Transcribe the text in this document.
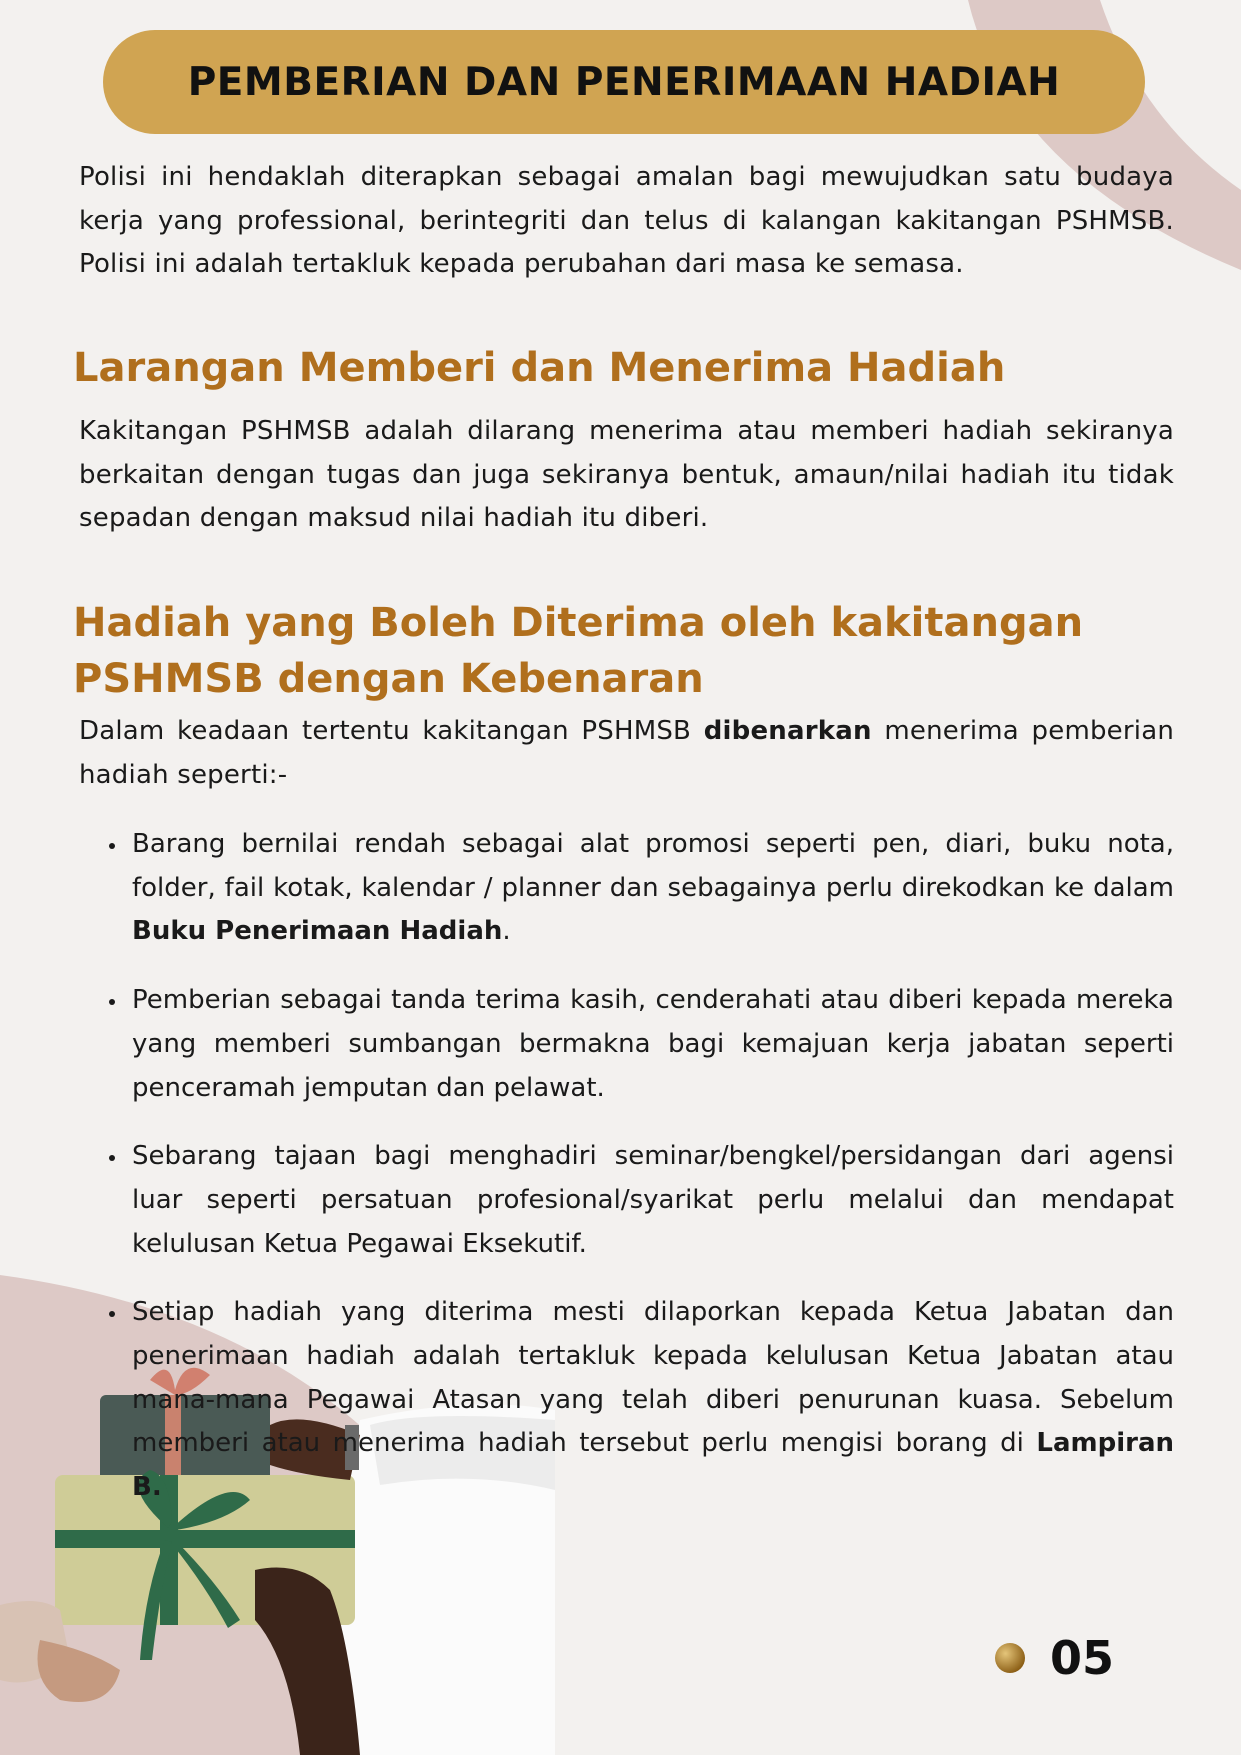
PEMBERIAN DAN PENERIMAAN HADIAH

Polisi ini hendaklah diterapkan sebagai amalan bagi mewujudkan satu budaya kerja yang professional, berintegriti dan telus di kalangan kakitangan PSHMSB. Polisi ini adalah tertakluk kepada perubahan dari masa ke semasa.

Larangan Memberi dan Menerima Hadiah

Kakitangan PSHMSB adalah dilarang menerima atau memberi hadiah sekiranya berkaitan dengan tugas dan juga sekiranya bentuk, amaun/nilai hadiah itu tidak sepadan dengan maksud nilai hadiah itu diberi.

Hadiah yang Boleh Diterima oleh kakitangan
PSHMSB dengan Kebenaran

Dalam keadaan tertentu kakitangan PSHMSB dibenarkan menerima pemberian hadiah seperti:-

Barang bernilai rendah sebagai alat promosi seperti pen, diari, buku nota, folder, fail kotak, kalendar / planner dan sebagainya perlu direkodkan ke dalam Buku Penerimaan Hadiah.
Pemberian sebagai tanda terima kasih, cenderahati atau diberi kepada mereka yang memberi sumbangan bermakna bagi kemajuan kerja jabatan seperti penceramah jemputan dan pelawat.
Sebarang tajaan bagi menghadiri seminar/bengkel/persidangan dari agensi luar seperti persatuan profesional/syarikat perlu melalui dan mendapat kelulusan Ketua Pegawai Eksekutif.
Setiap hadiah yang diterima mesti dilaporkan kepada Ketua Jabatan dan penerimaan hadiah adalah tertakluk kepada kelulusan Ketua Jabatan atau mana-mana Pegawai Atasan yang telah diberi penurunan kuasa. Sebelum memberi atau menerima hadiah tersebut perlu mengisi borang di Lampiran B.
05
